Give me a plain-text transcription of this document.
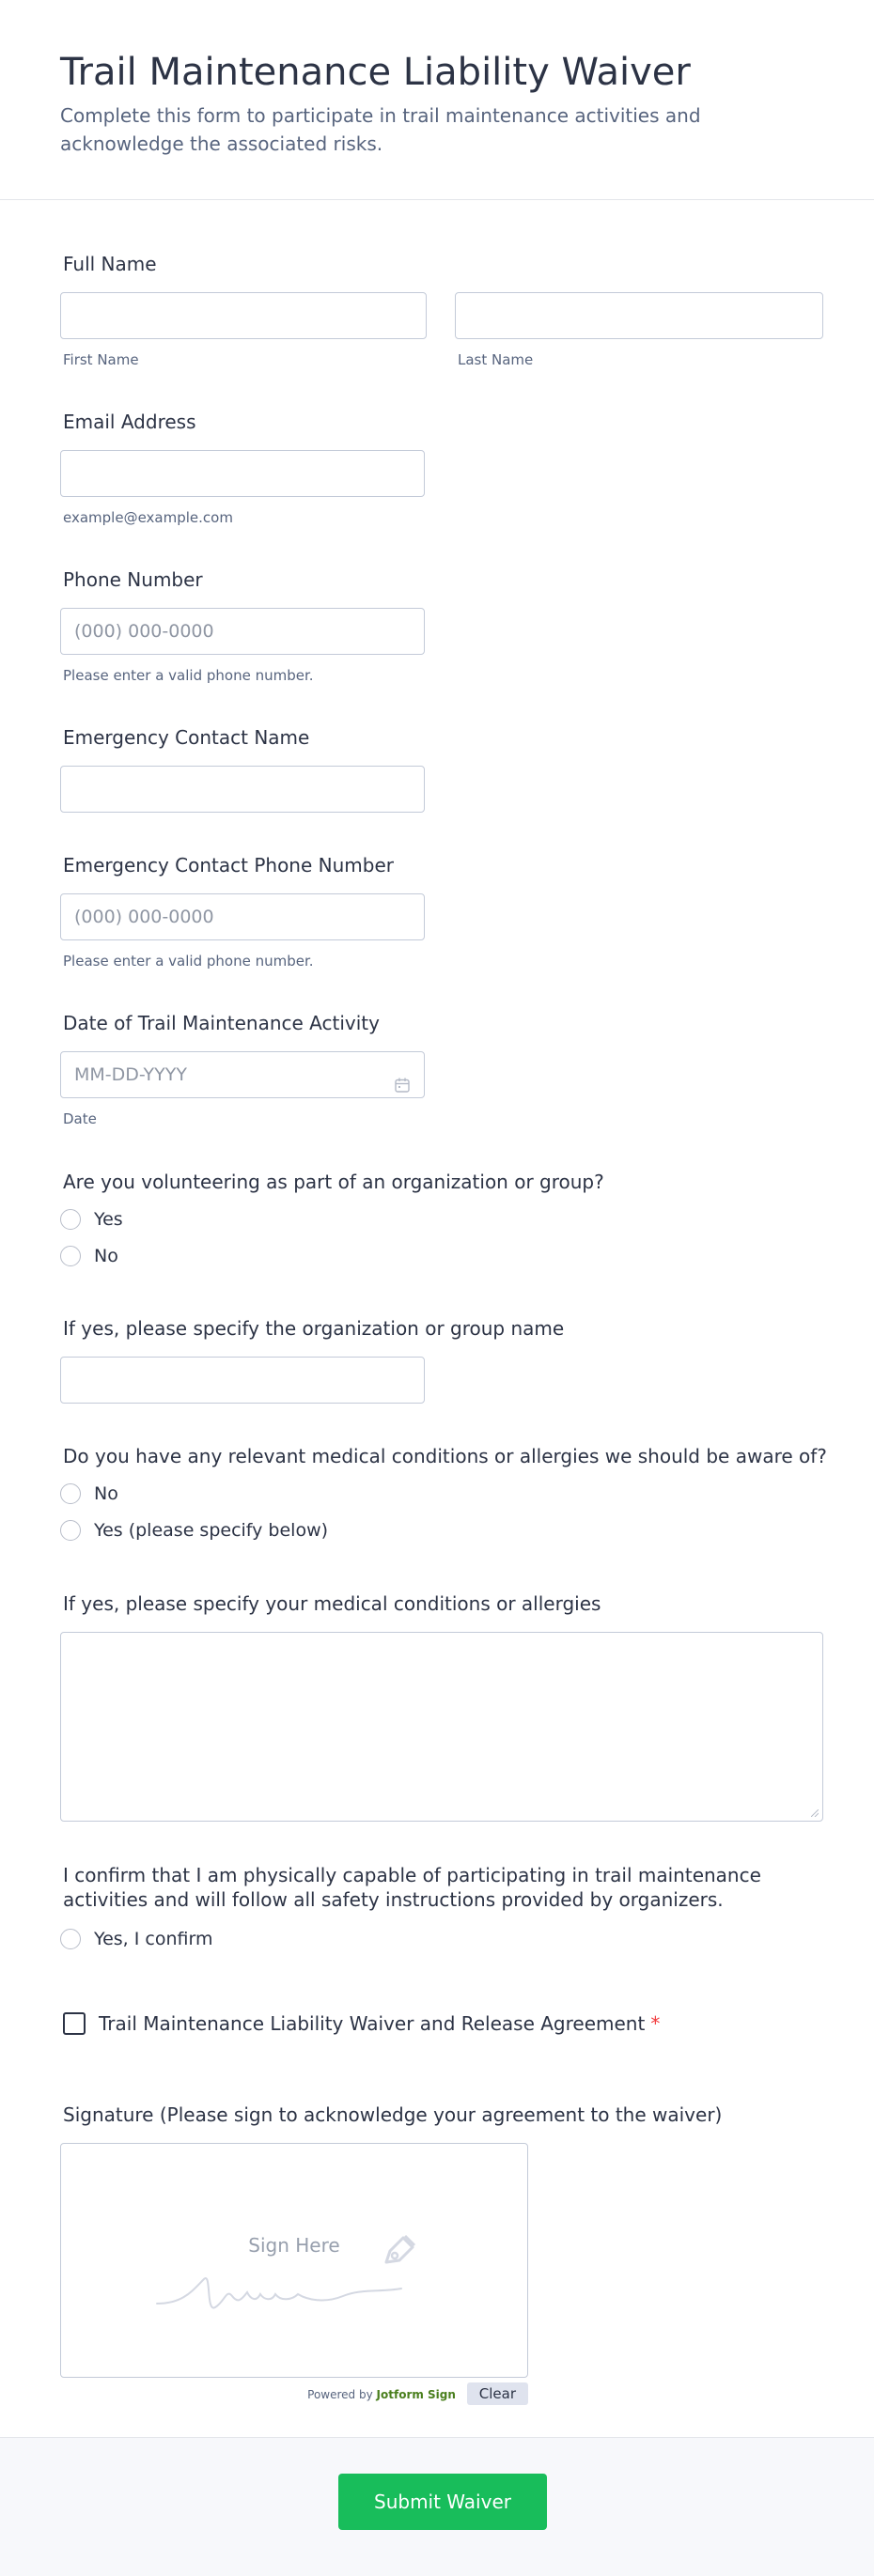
Trail Maintenance Liability Waiver
Complete this form to participate in trail maintenance activities and acknowledge the associated risks.
Full Name
First Name	Last Name
Email Address
example@example.com
Phone Number
(000) 000-0000
Please enter a valid phone number.
Emergency Contact Name
Emergency Contact Phone Number
(000) 000-0000
Please enter a valid phone number.
Date of Trail Maintenance Activity
MM-DD-YYYY
Date
Are you volunteering as part of an organization or group?
Yes
No
If yes, please specify the organization or group name
Do you have any relevant medical conditions or allergies we should be aware of?
No
Yes (please specify below)
If yes, please specify your medical conditions or allergies
I confirm that I am physically capable of participating in trail maintenance activities and will follow all safety instructions provided by organizers.
Yes, I confirm
Trail Maintenance Liability Waiver and Release Agreement *
Signature (Please sign to acknowledge your agreement to the waiver)
Sign Here
Powered by Jotform Sign Clear
Submit Waiver
